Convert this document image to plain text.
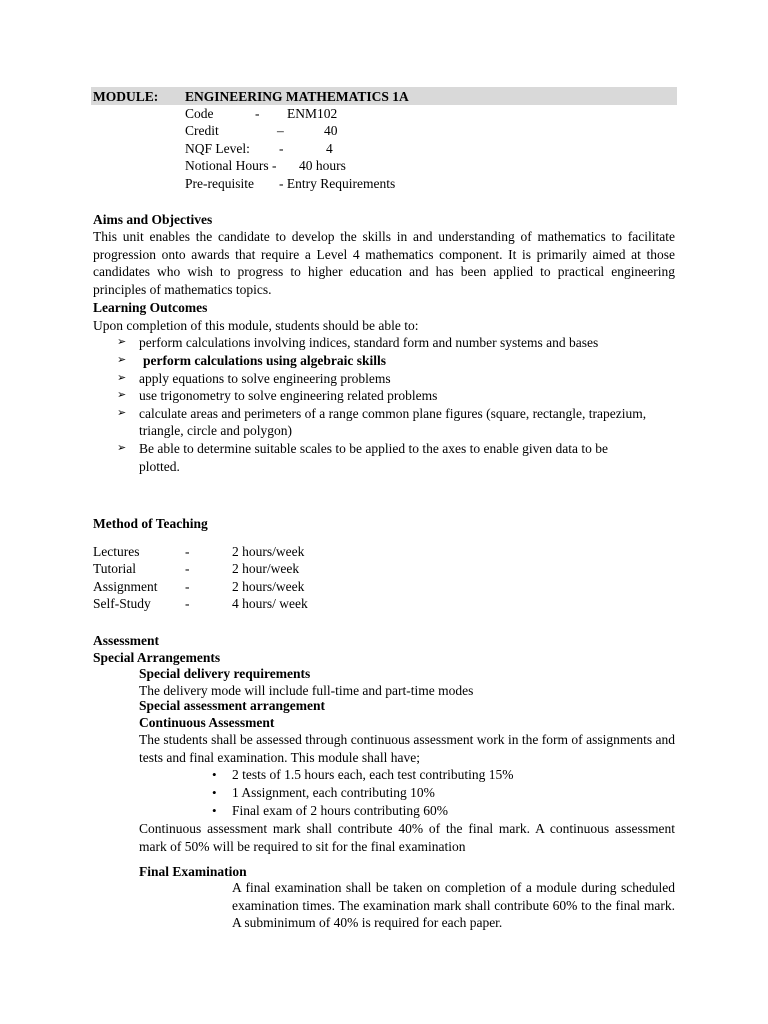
MODULE: ENGINEERING MATHEMATICS 1A
Code	- ENM102
Credit	–	40
NQF Level: -	4
Notional Hours - 40 hours
Pre-requisite - Entry Requirements
Aims and Objectives
This unit enables the candidate to develop the skills in and understanding of mathematics to facilitate progression onto awards that require a Level 4 mathematics component. It is primarily aimed at those candidates who wish to progress to higher education and has been applied to practical engineering principles of mathematics topics.
Learning Outcomes
Upon completion of this module, students should be able to:
➢ perform calculations involving indices, standard form and number systems and bases
➢ perform calculations using algebraic skills
➢ apply equations to solve engineering problems
➢ use trigonometry to solve engineering related problems
➢ calculate areas and perimeters of a range common plane figures (square, rectangle, trapezium,
triangle, circle and polygon)
➢ Be able to determine suitable scales to be applied to the axes to enable given data to be
plotted.
Method of Teaching
Lectures	-	2 hours/week
Tutorial	-	2 hour/week
Assignment -	2 hours/week
Self-Study	-	4 hours/ week
Assessment
Special Arrangements
Special delivery requirements
The delivery mode will include full-time and part-time modes
Special assessment arrangement
Continuous Assessment
The students shall be assessed through continuous assessment work in the form of assignments and tests and final examination. This module shall have;
• 2 tests of 1.5 hours each, each test contributing 15%
• 1 Assignment, each contributing 10%
• Final exam of 2 hours contributing 60%
Continuous assessment mark shall contribute 40% of the final mark. A continuous assessment mark of 50% will be required to sit for the final examination
Final Examination
A final examination shall be taken on completion of a module during scheduled examination times. The examination mark shall contribute 60% to the final mark. A subminimum of 40% is required for each paper.
